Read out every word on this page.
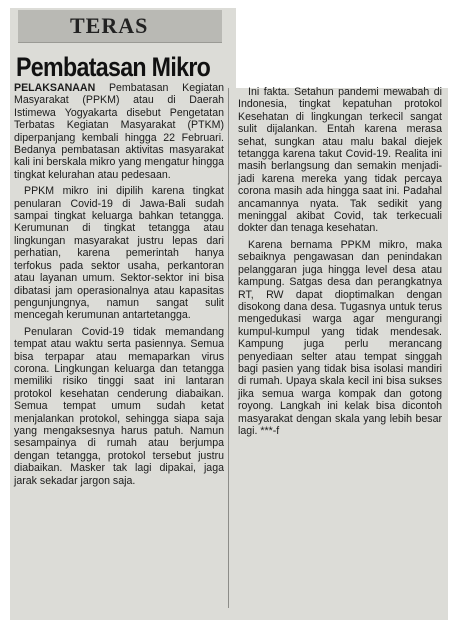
TERAS
Pembatasan Mikro

PELAKSANAAN Pembatasan Kegiatan Masyarakat (PPKM) atau di Daerah Istimewa Yogyakarta disebut Pengetatan Terbatas Kegiatan Masyarakat (PTKM) diperpanjang kembali hingga 22 Februari. Bedanya pembatasan aktivitas masyarakat kali ini berskala mikro yang mengatur hingga tingkat kelurahan atau pedesaan.

PPKM mikro ini dipilih karena tingkat penularan Covid-19 di Jawa-Bali sudah sampai tingkat keluarga bahkan tetangga. Kerumunan di tingkat tetangga atau lingkungan masyarakat justru lepas dari perhatian, karena pemerintah hanya terfokus pada sektor usaha, perkantoran atau layanan umum. Sektor-sektor ini bisa dibatasi jam operasionalnya atau kapasitas pengunjungnya, namun sangat sulit mencegah kerumunan antartetangga.

Penularan Covid-19 tidak memandang tempat atau waktu serta pasiennya. Semua bisa terpapar atau memaparkan virus corona. Lingkungan keluarga dan tetangga memiliki risiko tinggi saat ini lantaran protokol kesehatan cenderung diabaikan. Semua tempat umum sudah ketat menjalankan protokol, sehingga siapa saja yang mengaksesnya harus patuh. Namun sesampainya di rumah atau berjumpa dengan tetangga, protokol tersebut justru diabaikan. Masker tak lagi dipakai, jaga jarak sekadar jargon saja.

Ini fakta. Setahun pandemi mewabah di Indonesia, tingkat kepatuhan protokol Kesehatan di lingkungan terkecil sangat sulit dijalankan. Entah karena merasa sehat, sungkan atau malu bakal diejek tetangga karena takut Covid-19. Realita ini masih berlangsung dan semakin menjadi-jadi karena mereka yang tidak percaya corona masih ada hingga saat ini. Padahal ancamannya nyata. Tak sedikit yang meninggal akibat Covid, tak terkecuali dokter dan tenaga kesehatan.

Karena bernama PPKM mikro, maka sebaiknya pengawasan dan penindakan pelanggaran juga hingga level desa atau kampung. Satgas desa dan perangkatnya RT, RW dapat dioptimalkan dengan disokong dana desa. Tugasnya untuk terus mengedukasi warga agar mengurangi kumpul-kumpul yang tidak mendesak. Kampung juga perlu merancang penyediaan selter atau tempat singgah bagi pasien yang tidak bisa isolasi mandiri di rumah. Upaya skala kecil ini bisa sukses jika semua warga kompak dan gotong royong. Langkah ini kelak bisa dicontoh masyarakat dengan skala yang lebih besar lagi. ***-f
